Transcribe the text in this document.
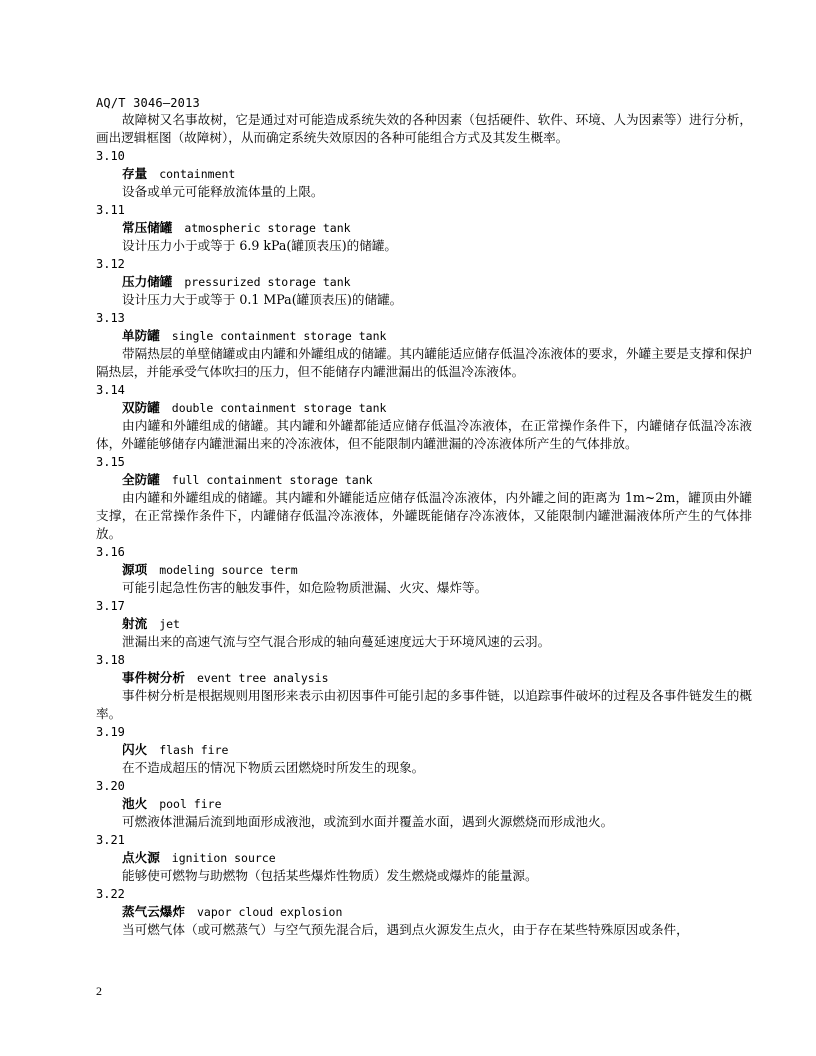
AQ/T 3046—2013

故障树又名事故树，它是通过对可能造成系统失效的各种因素（包括硬件、软件、环境、人为因素等）进行分析，画出逻辑框图（故障树），从而确定系统失效原因的各种可能组合方式及其发生概率。

3.10
存量 containment

设备或单元可能释放流体量的上限。

3.11
常压储罐 atmospheric storage tank

设计压力小于或等于 6.9 kPa(罐顶表压)的储罐。

3.12
压力储罐 pressurized storage tank

设计压力大于或等于 0.1 MPa(罐顶表压)的储罐。

3.13
单防罐 single containment storage tank

带隔热层的单壁储罐或由内罐和外罐组成的储罐。其内罐能适应储存低温冷冻液体的要求，外罐主要是支撑和保护隔热层，并能承受气体吹扫的压力，但不能储存内罐泄漏出的低温冷冻液体。

3.14
双防罐 double containment storage tank

由内罐和外罐组成的储罐。其内罐和外罐都能适应储存低温冷冻液体，在正常操作条件下，内罐储存低温冷冻液体，外罐能够储存内罐泄漏出来的冷冻液体，但不能限制内罐泄漏的冷冻液体所产生的气体排放。

3.15
全防罐 full containment storage tank

由内罐和外罐组成的储罐。其内罐和外罐能适应储存低温冷冻液体，内外罐之间的距离为 1m~2m，罐顶由外罐支撑，在正常操作条件下，内罐储存低温冷冻液体，外罐既能储存冷冻液体，又能限制内罐泄漏液体所产生的气体排放。

3.16
源项 modeling source term

可能引起急性伤害的触发事件，如危险物质泄漏、火灾、爆炸等。

3.17
射流 jet

泄漏出来的高速气流与空气混合形成的轴向蔓延速度远大于环境风速的云羽。

3.18
事件树分析 event tree analysis

事件树分析是根据规则用图形来表示由初因事件可能引起的多事件链，以追踪事件破坏的过程及各事件链发生的概率。

3.19
闪火 flash fire

在不造成超压的情况下物质云团燃烧时所发生的现象。

3.20
池火 pool fire

可燃液体泄漏后流到地面形成液池，或流到水面并覆盖水面，遇到火源燃烧而形成池火。

3.21
点火源 ignition source

能够使可燃物与助燃物（包括某些爆炸性物质）发生燃烧或爆炸的能量源。

3.22
蒸气云爆炸 vapor cloud explosion

当可燃气体（或可燃蒸气）与空气预先混合后，遇到点火源发生点火，由于存在某些特殊原因或条件，

2
